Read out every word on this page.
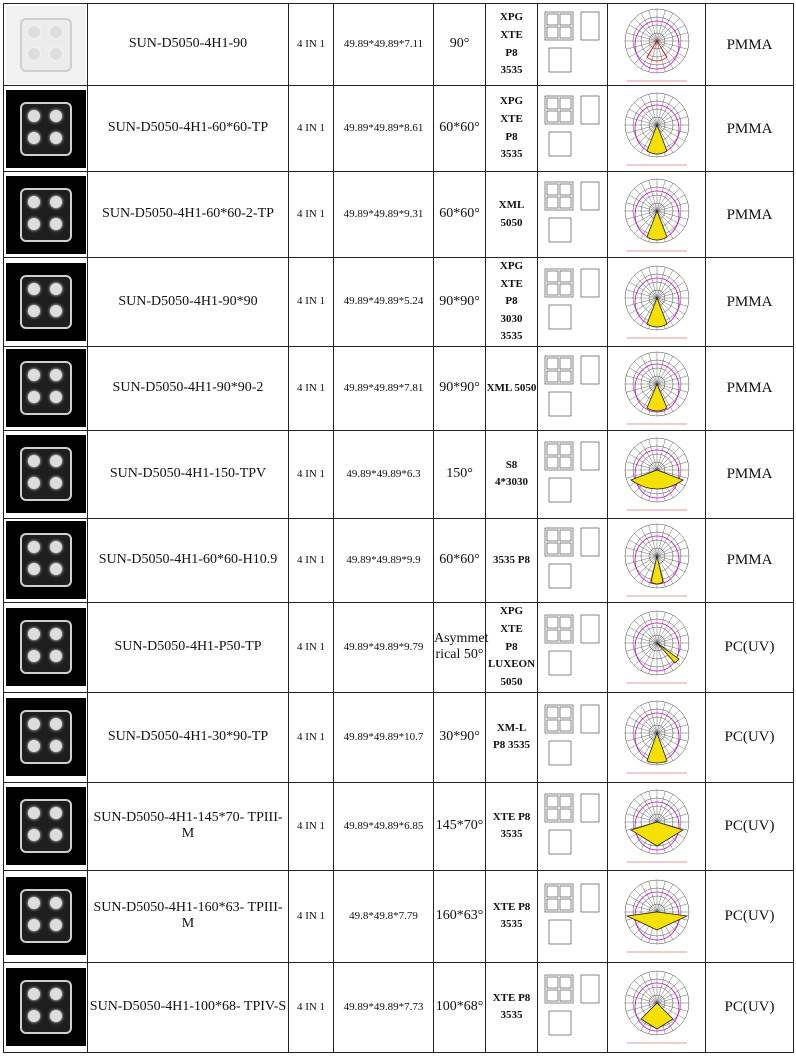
	SUN-D5050-4H1-90	4 IN 1	49.89*49.89*7.11	90°	XPG
XTE
P8
3535			PMMA

	SUN-D5050-4H1-60*60-TP	4 IN 1	49.89*49.89*8.61	60*60°	XPG
XTE
P8
3535			PMMA

	SUN-D5050-4H1-60*60-2-TP	4 IN 1	49.89*49.89*9.31	60*60°	XML
5050			PMMA

	SUN-D5050-4H1-90*90	4 IN 1	49.89*49.89*5.24	90*90°	XPG
XTE
P8
3030
3535			PMMA

	SUN-D5050-4H1-90*90-2	4 IN 1	49.89*49.89*7.81	90*90°	XML 5050			PMMA

	SUN-D5050-4H1-150-TPV	4 IN 1	49.89*49.89*6.3	150°	S8
4*3030			PMMA

	SUN-D5050-4H1-60*60-H10.9	4 IN 1	49.89*49.89*9.9	60*60°	3535 P8			PMMA

	SUN-D5050-4H1-P50-TP	4 IN 1	49.89*49.89*9.79	Asymmet rical 50°	XPG
XTE
P8
LUXEON
5050			PC(UV)

	SUN-D5050-4H1-30*90-TP	4 IN 1	49.89*49.89*10.7	30*90°	XM-L
P8 3535			PC(UV)

	SUN-D5050-4H1-145*70- TPIII-M	4 IN 1	49.89*49.89*6.85	145*70°	XTE P8
3535			PC(UV)

	SUN-D5050-4H1-160*63- TPIII-M	4 IN 1	49.8*49.8*7.79	160*63°	XTE P8
3535			PC(UV)

	SUN-D5050-4H1-100*68- TPIV-S	4 IN 1	49.89*49.89*7.73	100*68°	XTE P8
3535			PC(UV)
